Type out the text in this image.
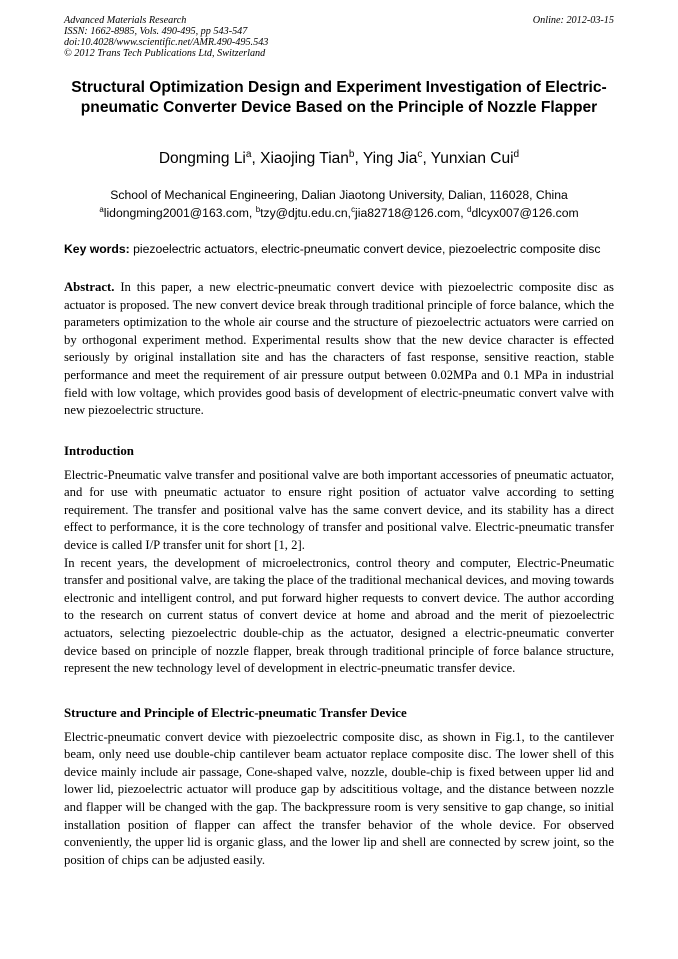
Advanced Materials Research
ISSN: 1662-8985, Vols. 490-495, pp 543-547
doi:10.4028/www.scientific.net/AMR.490-495.543
© 2012 Trans Tech Publications Ltd, Switzerland
Online: 2012-03-15
Structural Optimization Design and Experiment Investigation of Electric-pneumatic Converter Device Based on the Principle of Nozzle Flapper
Dongming Li$^a$, Xiaojing Tian$^b$, Ying Jia$^c$, Yunxian Cui$^d$
School of Mechanical Engineering, Dalian Jiaotong University, Dalian, 116028, China
$^a$lidongming2001@163.com, $^b$tzy@djtu.edu.cn,$^c$jia82718@126.com, $^d$dlcyx007@126.com
Key words: piezoelectric actuators, electric-pneumatic convert device, piezoelectric composite disc

Abstract. In this paper, a new electric-pneumatic convert device with piezoelectric composite disc as actuator is proposed. The new convert device break through traditional principle of force balance, which the parameters optimization to the whole air course and the structure of piezoelectric actuators were carried on by orthogonal experiment method. Experimental results show that the new device character is effected seriously by original installation site and has the characters of fast response, sensitive reaction, stable performance and meet the requirement of air pressure output between 0.02MPa and 0.1 MPa in industrial field with low voltage, which provides good basis of development of electric-pneumatic convert valve with new piezoelectric structure.

Introduction

Electric-Pneumatic valve transfer and positional valve are both important accessories of pneumatic actuator, and for use with pneumatic actuator to ensure right position of actuator valve according to setting requirement. The transfer and positional valve has the same convert device, and its stability has a direct effect to performance, it is the core technology of transfer and positional valve. Electric-pneumatic transfer device is called I/P transfer unit for short [1, 2].

In recent years, the development of microelectronics, control theory and computer, Electric-Pneumatic transfer and positional valve, are taking the place of the traditional mechanical devices, and moving towards electronic and intelligent control, and put forward higher requests to convert device. The author according to the research on current status of convert device at home and abroad and the merit of piezoelectric actuators, selecting piezoelectric double-chip as the actuator, designed a electric-pneumatic converter device based on principle of nozzle flapper, break through traditional principle of force balance structure, represent the new technology level of development in electric-pneumatic transfer device.

Structure and Principle of Electric-pneumatic Transfer Device

Electric-pneumatic convert device with piezoelectric composite disc, as shown in Fig.1, to the cantilever beam, only need use double-chip cantilever beam actuator replace composite disc. The lower shell of this device mainly include air passage, Cone-shaped valve, nozzle, double-chip is fixed between upper lid and lower lid, piezoelectric actuator will produce gap by adscititious voltage, and the distance between nozzle and flapper will be changed with the gap. The backpressure room is very sensitive to gap change, so initial installation position of flapper can affect the transfer behavior of the whole device. For observed conveniently, the upper lid is organic glass, and the lower lip and shell are connected by screw joint, so the position of chips can be adjusted easily.
